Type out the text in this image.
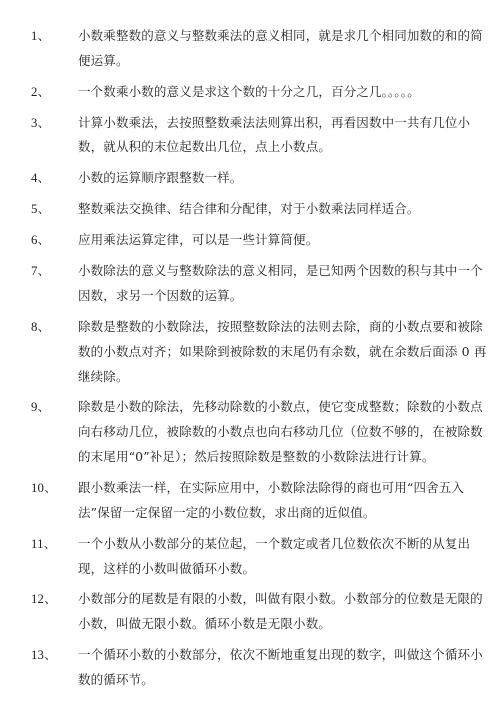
1、	小数乘整数的意义与整数乘法的意义相同，就是求几个相同加数的和的简便运算。
2、	一个数乘小数的意义是求这个数的十分之几，百分之几。。。。。
3、	计算小数乘法，去按照整数乘法法则算出积，再看因数中一共有几位小数，就从积的末位起数出几位，点上小数点。
4、	小数的运算顺序跟整数一样。
5、	整数乘法交换律、结合律和分配律，对于小数乘法同样适合。
6、	应用乘法运算定律，可以是一些计算简便。
7、	小数除法的意义与整数除法的意义相同，是已知两个因数的积与其中一个因数，求另一个因数的运算。
8、	除数是整数的小数除法，按照整数除法的法则去除，商的小数点要和被除数的小数点对齐；如果除到被除数的末尾仍有余数，就在余数后面添 0 再继续除。
9、	除数是小数的除法，先移动除数的小数点，使它变成整数；除数的小数点向右移动几位，被除数的小数点也向右移动几位（位数不够的，在被除数的末尾用“0”补足）；然后按照除数是整数的小数除法进行计算。
10、	跟小数乘法一样，在实际应用中，小数除法除得的商也可用“四舍五入法”保留一定保留一定的小数位数，求出商的近似值。
11、	一个小数从小数部分的某位起，一个数定或者几位数依次不断的从复出现，这样的小数叫做循环小数。
12、	小数部分的尾数是有限的小数，叫做有限小数。小数部分的位数是无限的小数，叫做无限小数。循环小数是无限小数。
13、	一个循环小数的小数部分，依次不断地重复出现的数字，叫做这个循环小数的循环节。
